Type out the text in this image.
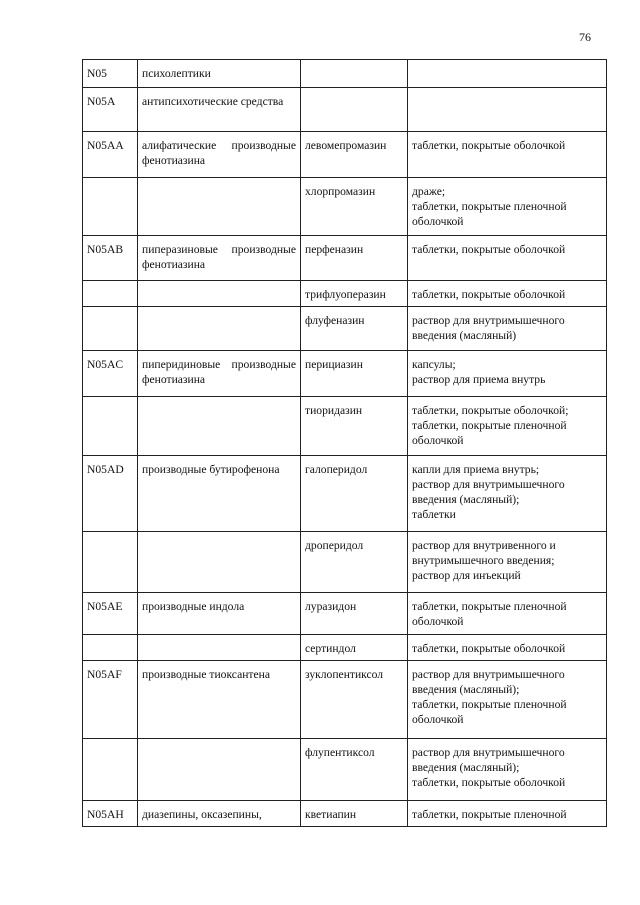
76
N05	психолептики		
N05A	антипсихотические средства		
N05AA	алифатические производные фенотиазина	левомепромазин	таблетки, покрытые оболочкой

		хлорпромазин	драже;
таблетки, покрытые пленочной
оболочкой

N05AB	пиперазиновые производные фенотиазина	перфеназин	таблетки, покрытые оболочкой

		трифлуоперазин	таблетки, покрытые оболочкой

		флуфеназин	раствор для внутримышечного
введения (масляный)

N05AC	пиперидиновые производные фенотиазина	перициазин	капсулы;
раствор для приема внутрь

		тиоридазин	таблетки, покрытые оболочкой;
таблетки, покрытые пленочной
оболочкой

N05AD	производные бутирофенона	галоперидол	капли для приема внутрь;
раствор для внутримышечного
введения (масляный);
таблетки

		дроперидол	раствор для внутривенного и
внутримышечного введения;
раствор для инъекций

N05AE	производные индола	луразидон	таблетки, покрытые пленочной
оболочкой

		сертиндол	таблетки, покрытые оболочкой

N05AF	производные тиоксантена	зуклопентиксол	раствор для внутримышечного
введения (масляный);
таблетки, покрытые пленочной
оболочкой

		флупентиксол	раствор для внутримышечного
введения (масляный);
таблетки, покрытые оболочкой

N05AH	диазепины, оксазепины,	кветиапин	таблетки, покрытые пленочной
